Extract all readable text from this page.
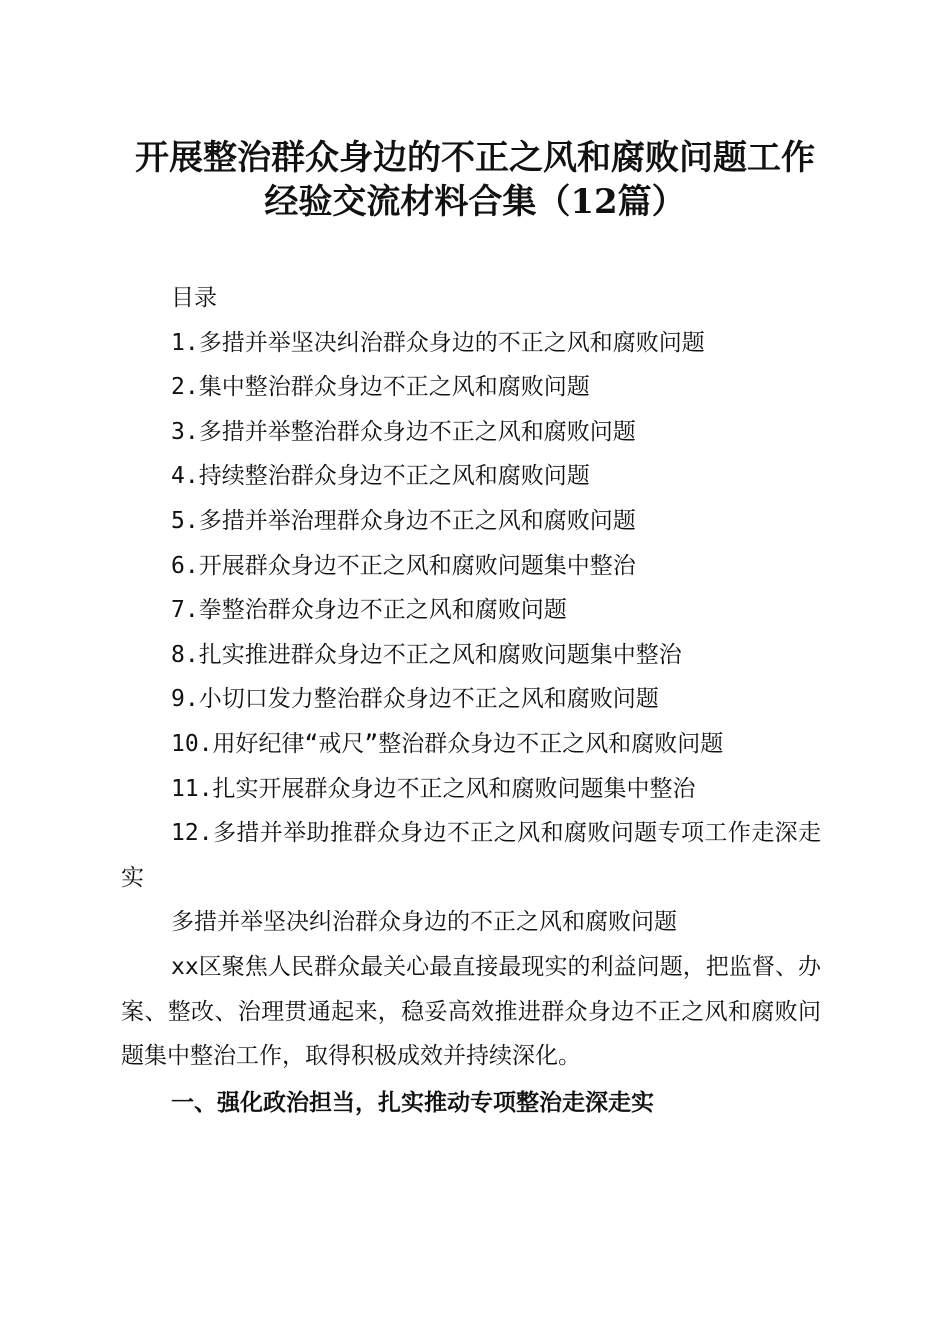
开展整治群众身边的不正之风和腐败问题工作
经验交流材料合集（12篇）

目录

1.多措并举坚决纠治群众身边的不正之风和腐败问题

2.集中整治群众身边不正之风和腐败问题

3.多措并举整治群众身边不正之风和腐败问题

4.持续整治群众身边不正之风和腐败问题

5.多措并举治理群众身边不正之风和腐败问题

6.开展群众身边不正之风和腐败问题集中整治

7.拳整治群众身边不正之风和腐败问题

8.扎实推进群众身边不正之风和腐败问题集中整治

9.小切口发力整治群众身边不正之风和腐败问题

10.用好纪律“戒尺”整治群众身边不正之风和腐败问题

11.扎实开展群众身边不正之风和腐败问题集中整治

12.多措并举助推群众身边不正之风和腐败问题专项工作走深走实

多措并举坚决纠治群众身边的不正之风和腐败问题

xx区聚焦人民群众最关心最直接最现实的利益问题，把监督、办案、整改、治理贯通起来，稳妥高效推进群众身边不正之风和腐败问题集中整治工作，取得积极成效并持续深化。

一、强化政治担当，扎实推动专项整治走深走实
